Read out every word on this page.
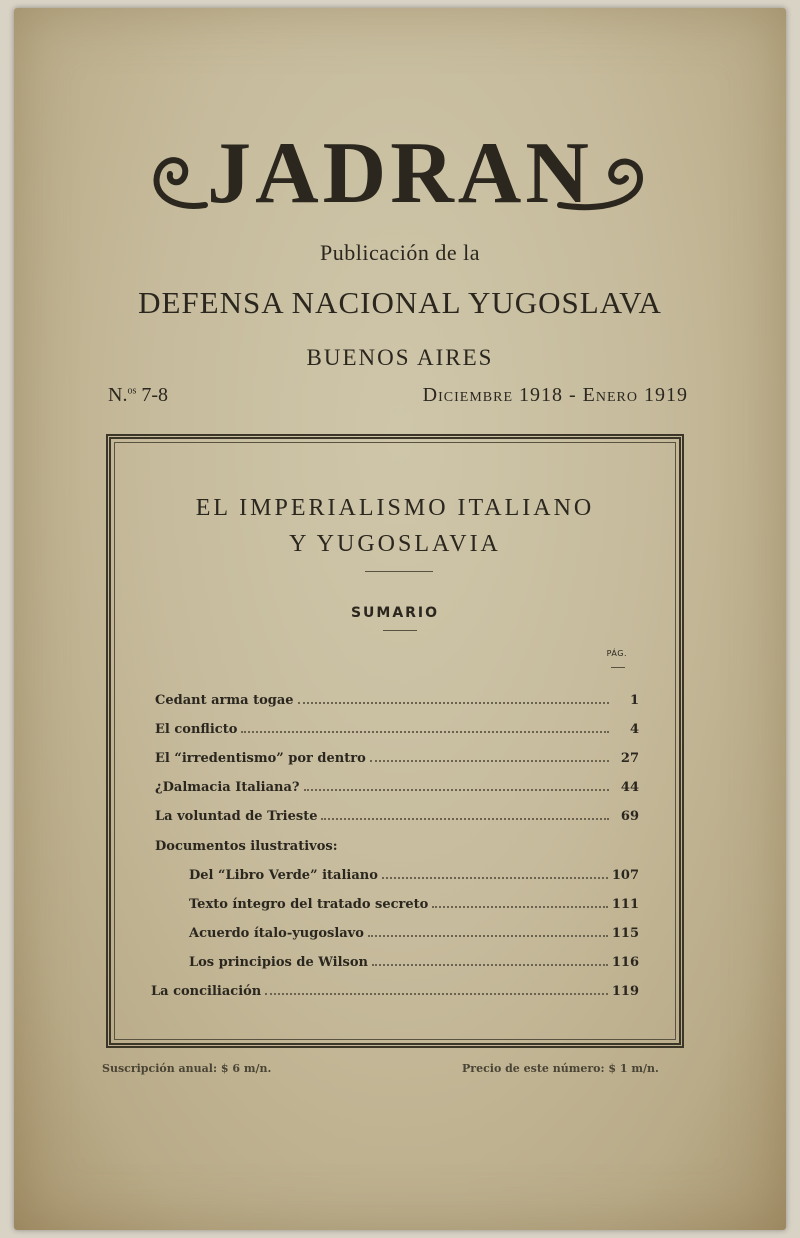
JADRAN
Publicación de la
DEFENSA NACIONAL YUGOSLAVA
BUENOS AIRES
N.$^{os}$ 7-8	Diciembre 1918 - Enero 1919
EL IMPERIALISMO ITALIANO
Y YUGOSLAVIA
SUMARIO
PÁG.
Cedant arma togae	1
El conflicto	4
El “irredentismo” por dentro	27
¿Dalmacia Italiana?	44
La voluntad de Trieste	69
Documentos ilustrativos:
Del “Libro Verde” italiano	107
Texto íntegro del tratado secreto	111
Acuerdo ítalo-yugoslavo	115
Los principios de Wilson	116
La conciliación	119
Suscripción anual: $ 6 m/n.	Precio de este número: $ 1 m/n.
